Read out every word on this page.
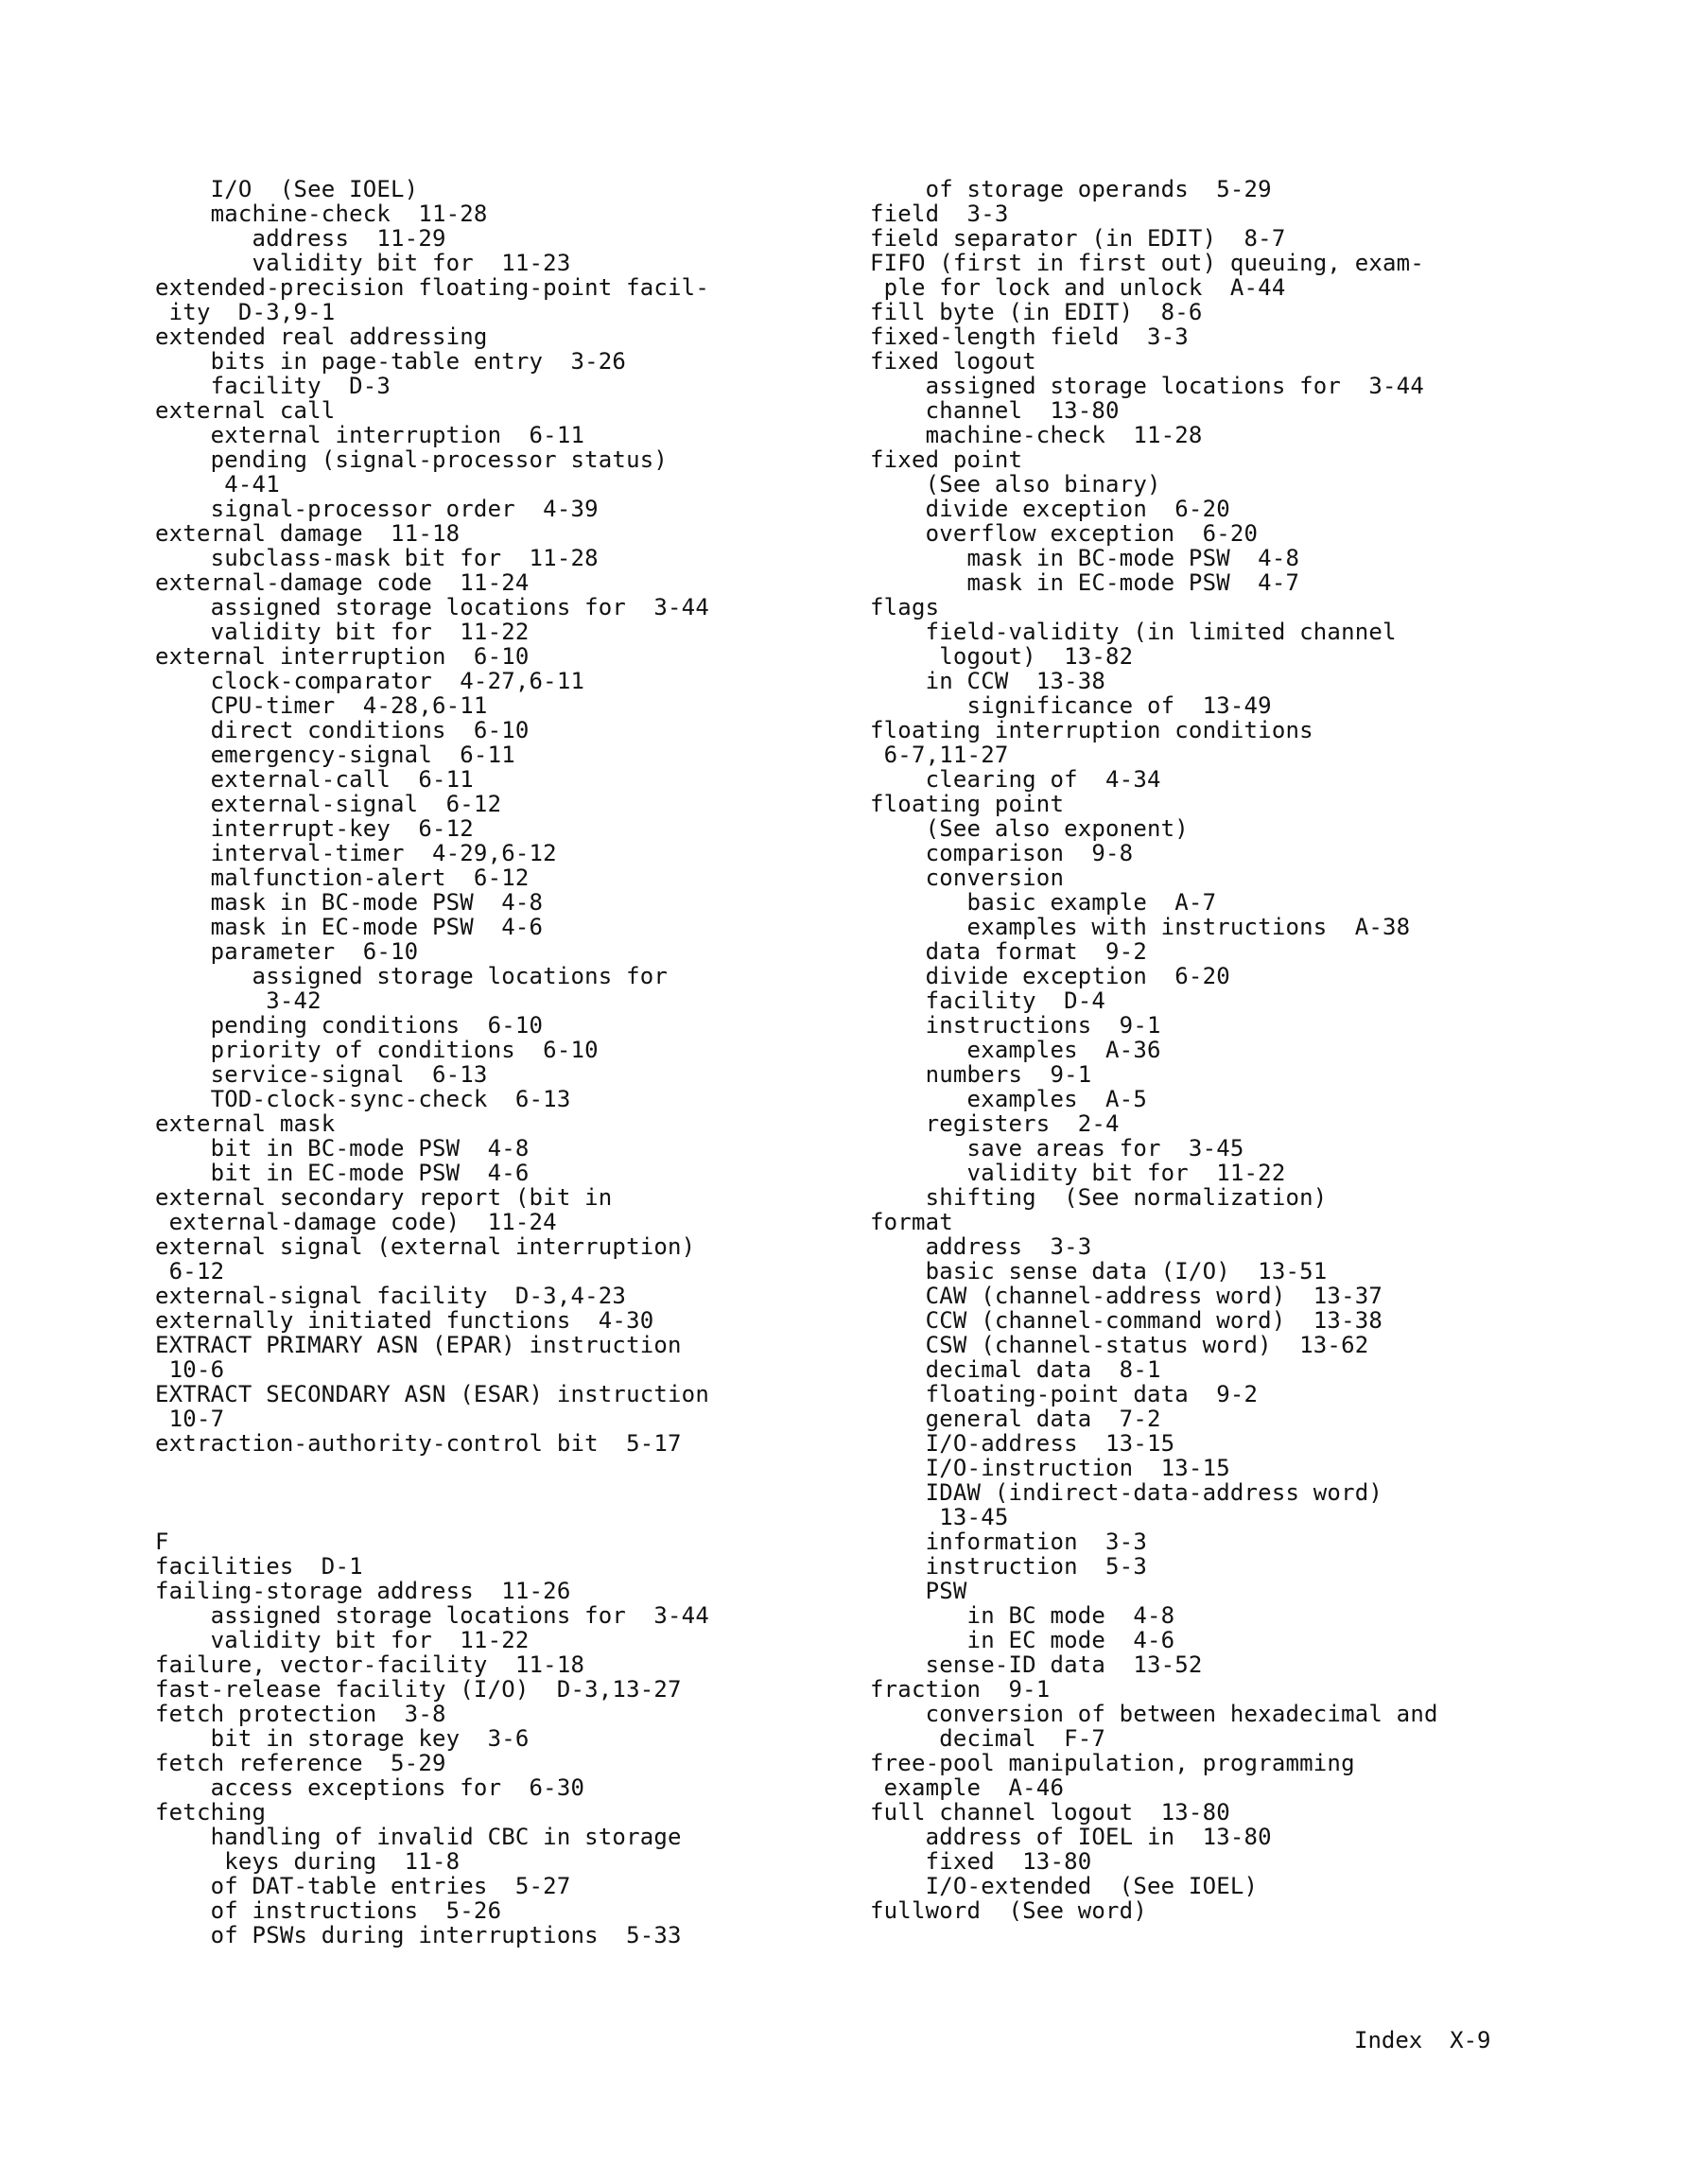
I/O  (See IOEL)
machine-check  11-28
address  11-29
validity bit for  11-23
extended-precision floating-point facil-
ity  D-3,9-1
extended real addressing
bits in page-table entry  3-26
facility  D-3
external call
external interruption  6-11
pending (signal-processor status)
4-41
signal-processor order  4-39
external damage  11-18
subclass-mask bit for  11-28
external-damage code  11-24
assigned storage locations for  3-44
validity bit for  11-22
external interruption  6-10
clock-comparator  4-27,6-11
CPU-timer  4-28,6-11
direct conditions  6-10
emergency-signal  6-11
external-call  6-11
external-signal  6-12
interrupt-key  6-12
interval-timer  4-29,6-12
malfunction-alert  6-12
mask in BC-mode PSW  4-8
mask in EC-mode PSW  4-6
parameter  6-10
assigned storage locations for
3-42
pending conditions  6-10
priority of conditions  6-10
service-signal  6-13
TOD-clock-sync-check  6-13
external mask
bit in BC-mode PSW  4-8
bit in EC-mode PSW  4-6
external secondary report (bit in
external-damage code)  11-24
external signal (external interruption)
6-12
external-signal facility  D-3,4-23
externally initiated functions  4-30
EXTRACT PRIMARY ASN (EPAR) instruction
10-6
EXTRACT SECONDARY ASN (ESAR) instruction
10-7
extraction-authority-control bit  5-17
F
facilities  D-1
failing-storage address  11-26
assigned storage locations for  3-44
validity bit for  11-22
failure, vector-facility  11-18
fast-release facility (I/O)  D-3,13-27
fetch protection  3-8
bit in storage key  3-6
fetch reference  5-29
access exceptions for  6-30
fetching
handling of invalid CBC in storage
keys during  11-8
of DAT-table entries  5-27
of instructions  5-26
of PSWs during interruptions  5-33
of storage operands  5-29
field  3-3
field separator (in EDIT)  8-7
FIFO (first in first out) queuing, exam-
ple for lock and unlock  A-44
fill byte (in EDIT)  8-6
fixed-length field  3-3
fixed logout
assigned storage locations for  3-44
channel  13-80
machine-check  11-28
fixed point
(See also binary)
divide exception  6-20
overflow exception  6-20
mask in BC-mode PSW  4-8
mask in EC-mode PSW  4-7
flags
field-validity (in limited channel
logout)  13-82
in CCW  13-38
significance of  13-49
floating interruption conditions
6-7,11-27
clearing of  4-34
floating point
(See also exponent)
comparison  9-8
conversion
basic example  A-7
examples with instructions  A-38
data format  9-2
divide exception  6-20
facility  D-4
instructions  9-1
examples  A-36
numbers  9-1
examples  A-5
registers  2-4
save areas for  3-45
validity bit for  11-22
shifting  (See normalization)
format
address  3-3
basic sense data (I/O)  13-51
CAW (channel-address word)  13-37
CCW (channel-command word)  13-38
CSW (channel-status word)  13-62
decimal data  8-1
floating-point data  9-2
general data  7-2
I/O-address  13-15
I/O-instruction  13-15
IDAW (indirect-data-address word)
13-45
information  3-3
instruction  5-3
PSW
in BC mode  4-8
in EC mode  4-6
sense-ID data  13-52
fraction  9-1
conversion of between hexadecimal and
decimal  F-7
free-pool manipulation, programming
example  A-46
full channel logout  13-80
address of IOEL in  13-80
fixed  13-80
I/O-extended  (See IOEL)
fullword  (See word)
Index  X-9
